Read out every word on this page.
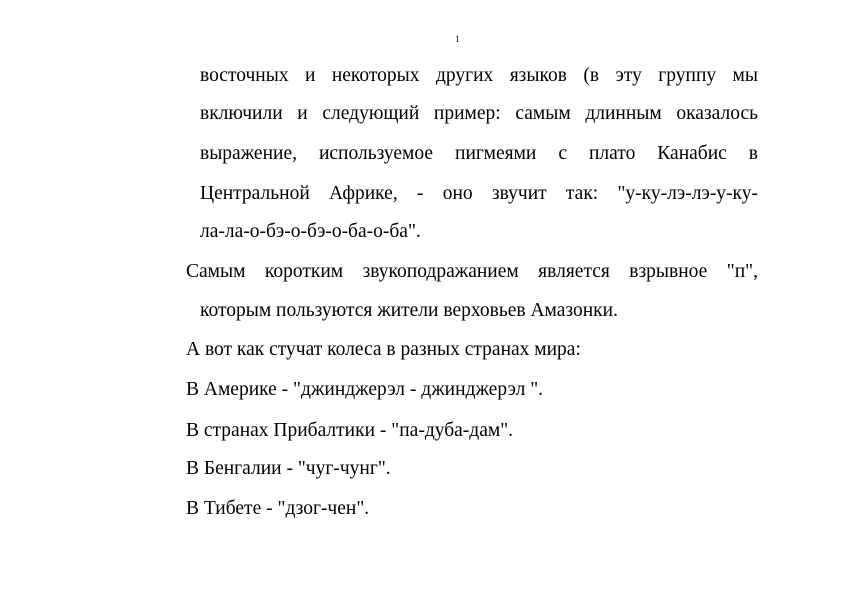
1
восточных и некоторых других языков (в эту группу мы
включили и следующий пример: самым длинным оказалось
выражение, используемое пигмеями с плато Канабис в
Центральной Африке, - оно звучит так: "у-ку-лэ-лэ-у-ку-
ла-ла-о-бэ-о-бэ-о-ба-о-ба".
Самым коротким звукоподражанием является взрывное "п",
которым пользуются жители верховьев Амазонки.
А вот как стучат колеса в разных странах мира:
В Америке - "джинджерэл - джинджерэл ".
В странах Прибалтики - "па-дуба-дам".
В Бенгалии - "чуг-чунг".
В Тибете - "дзог-чен".
